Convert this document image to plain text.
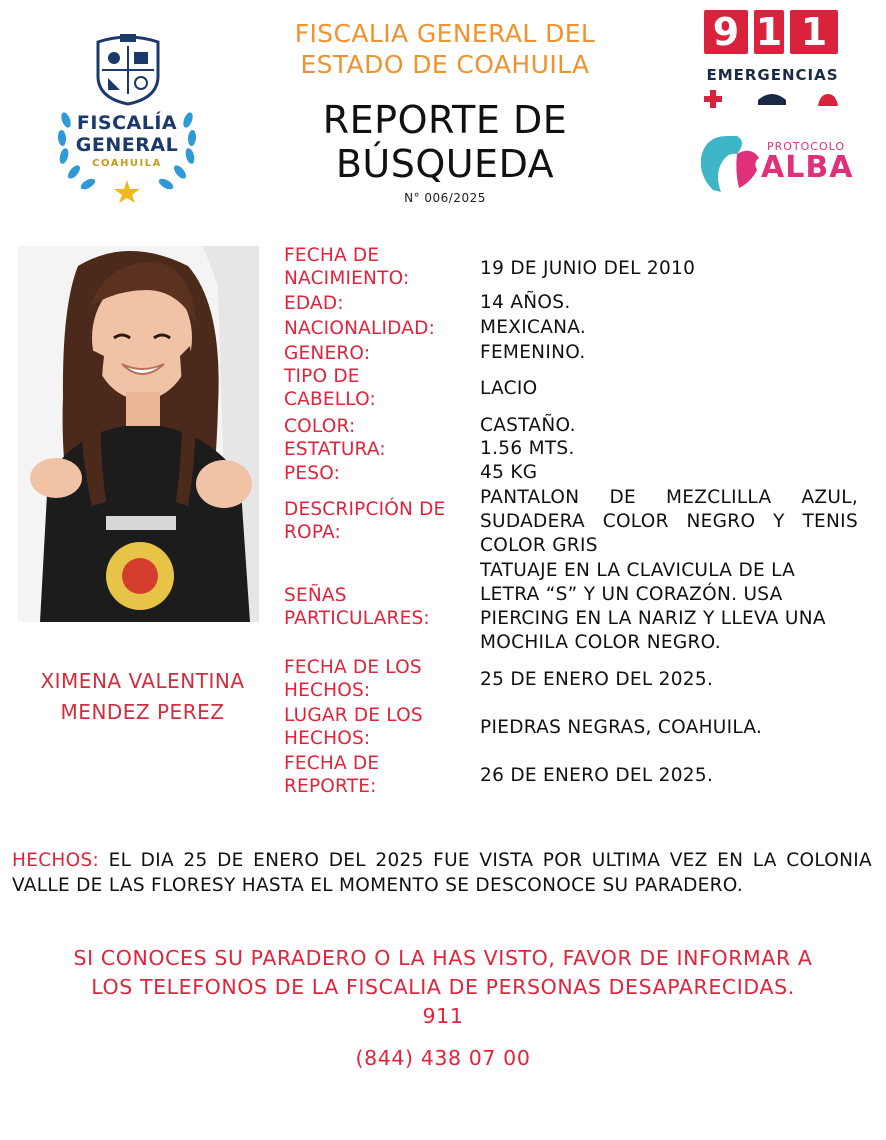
FISCALÍA
GENERAL
COAHUILA
FISCALIA GENERAL DEL
ESTADO DE COAHUILA
REPORTE DE
BÚSQUEDA
N° 006/2025
9 1 1
EMERGENCIAS
PROTOCOLO
ALBA
XIMENA VALENTINA
MENDEZ PEREZ
FECHA DE
NACIMIENTO:	19 DE JUNIO DEL 2010
EDAD:	14 AÑOS.
NACIONALIDAD: MEXICANA.
GENERO:	FEMENINO.
TIPO DE
CABELLO:
LACIO
COLOR:	CASTAÑO.
ESTATURA:	1.56 MTS.
PESO:	45 KG
DESCRIPCIÓN DE
ROPA:
PANTALON DE MEZCLILLA AZUL, SUDADERA COLOR NEGRO Y TENIS COLOR GRIS
SEÑAS
PARTICULARES:
TATUAJE EN LA CLAVICULA DE LA LETRA “S” Y UN CORAZÓN. USA PIERCING EN LA NARIZ Y LLEVA UNA MOCHILA COLOR NEGRO.
FECHA DE LOS
HECHOS:
25 DE ENERO DEL 2025.
LUGAR DE LOS
HECHOS:
PIEDRAS NEGRAS, COAHUILA.
FECHA DE
REPORTE:
26 DE ENERO DEL 2025.
HECHOS: EL DIA 25 DE ENERO DEL 2025 FUE VISTA POR ULTIMA VEZ EN LA COLONIA VALLE DE LAS FLORESY HASTA EL MOMENTO SE DESCONOCE SU PARADERO.
SI CONOCES SU PARADERO O LA HAS VISTO, FAVOR DE INFORMAR A
LOS TELEFONOS DE LA FISCALIA DE PERSONAS DESAPARECIDAS.
911
(844) 438 07 00
